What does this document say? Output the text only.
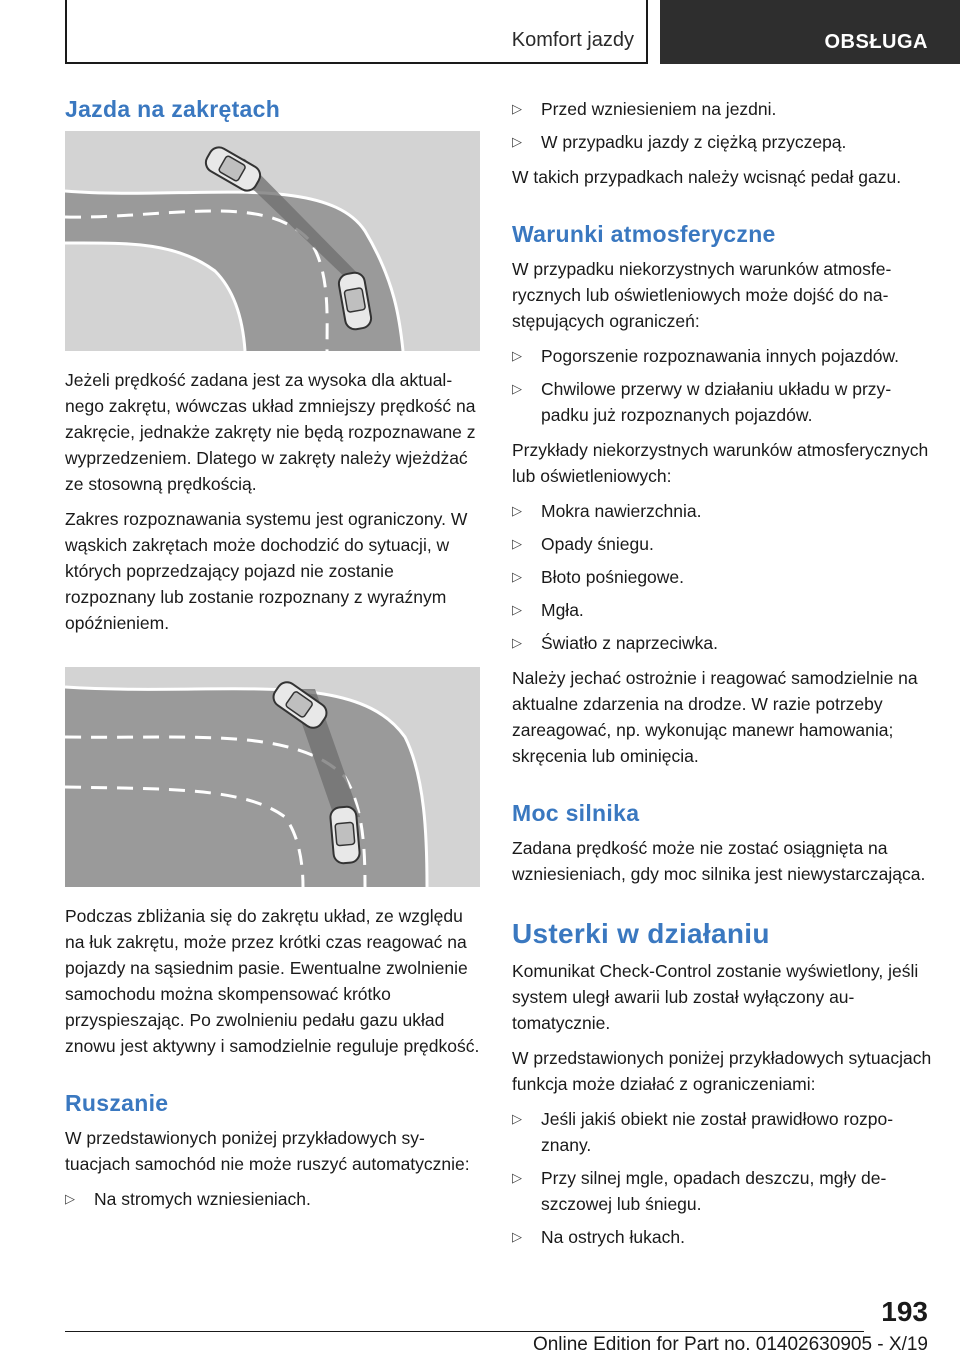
Komfort jazdy	OBSŁUGA
Jazda na zakrętach

Jeżeli prędkość zadana jest za wysoka dla aktualnego zakrętu, wówczas układ zmniejszy prędkość na zakręcie, jednakże zakręty nie będą rozpoznawane z wyprzedzeniem. Dlatego w zakręty należy wjeżdżać ze stosowną prędkością.

Zakres rozpoznawania systemu jest ograniczony. W wąskich zakrętach może dochodzić do sytuacji, w których poprzedzający pojazd nie zostanie rozpoznany lub zostanie rozpoznany z wyraźnym opóźnieniem.

Podczas zbliżania się do zakrętu układ, ze względu na łuk zakrętu, może przez krótki czas reagować na pojazdy na sąsiednim pasie. Ewentualne zwolnienie samochodu można skompensować krótko przyspieszając. Po zwolnieniu pedału gazu układ znowu jest aktywny i samodzielnie reguluje prędkość.

Ruszanie

W przedstawionych poniżej przykładowych sytuacjach samochód nie może ruszyć automatycznie:

▷ Na stromych wzniesieniach.
▷ Przed wzniesieniem na jezdni.
▷ W przypadku jazdy z ciężką przyczepą.

W takich przypadkach należy wcisnąć pedał gazu.

Warunki atmosferyczne

W przypadku niekorzystnych warunków atmosferycznych lub oświetleniowych może dojść do następujących ograniczeń:

▷ Pogorszenie rozpoznawania innych pojazdów.
▷ Chwilowe przerwy w działaniu układu w przypadku już rozpoznanych pojazdów.

Przykłady niekorzystnych warunków atmosferycznych lub oświetleniowych:

▷ Mokra nawierzchnia.
▷ Opady śniegu.
▷ Błoto pośniegowe.
▷ Mgła.
▷ Światło z naprzeciwka.

Należy jechać ostrożnie i reagować samodzielnie na aktualne zdarzenia na drodze. W razie potrzeby zareagować, np. wykonując manewr hamowania; skręcenia lub ominięcia.

Moc silnika

Zadana prędkość może nie zostać osiągnięta na wzniesieniach, gdy moc silnika jest niewystarczająca.

Usterki w działaniu

Komunikat Check-Control zostanie wyświetlony, jeśli system uległ awarii lub został wyłączony automatycznie.

W przedstawionych poniżej przykładowych sytuacjach funkcja może działać z ograniczeniami:

▷ Jeśli jakiś obiekt nie został prawidłowo rozpoznany.
▷ Przy silnej mgle, opadach deszczu, mgły deszczowej lub śniegu.
▷ Na ostrych łukach.
193
Online Edition for Part no. 01402630905 - X/19
